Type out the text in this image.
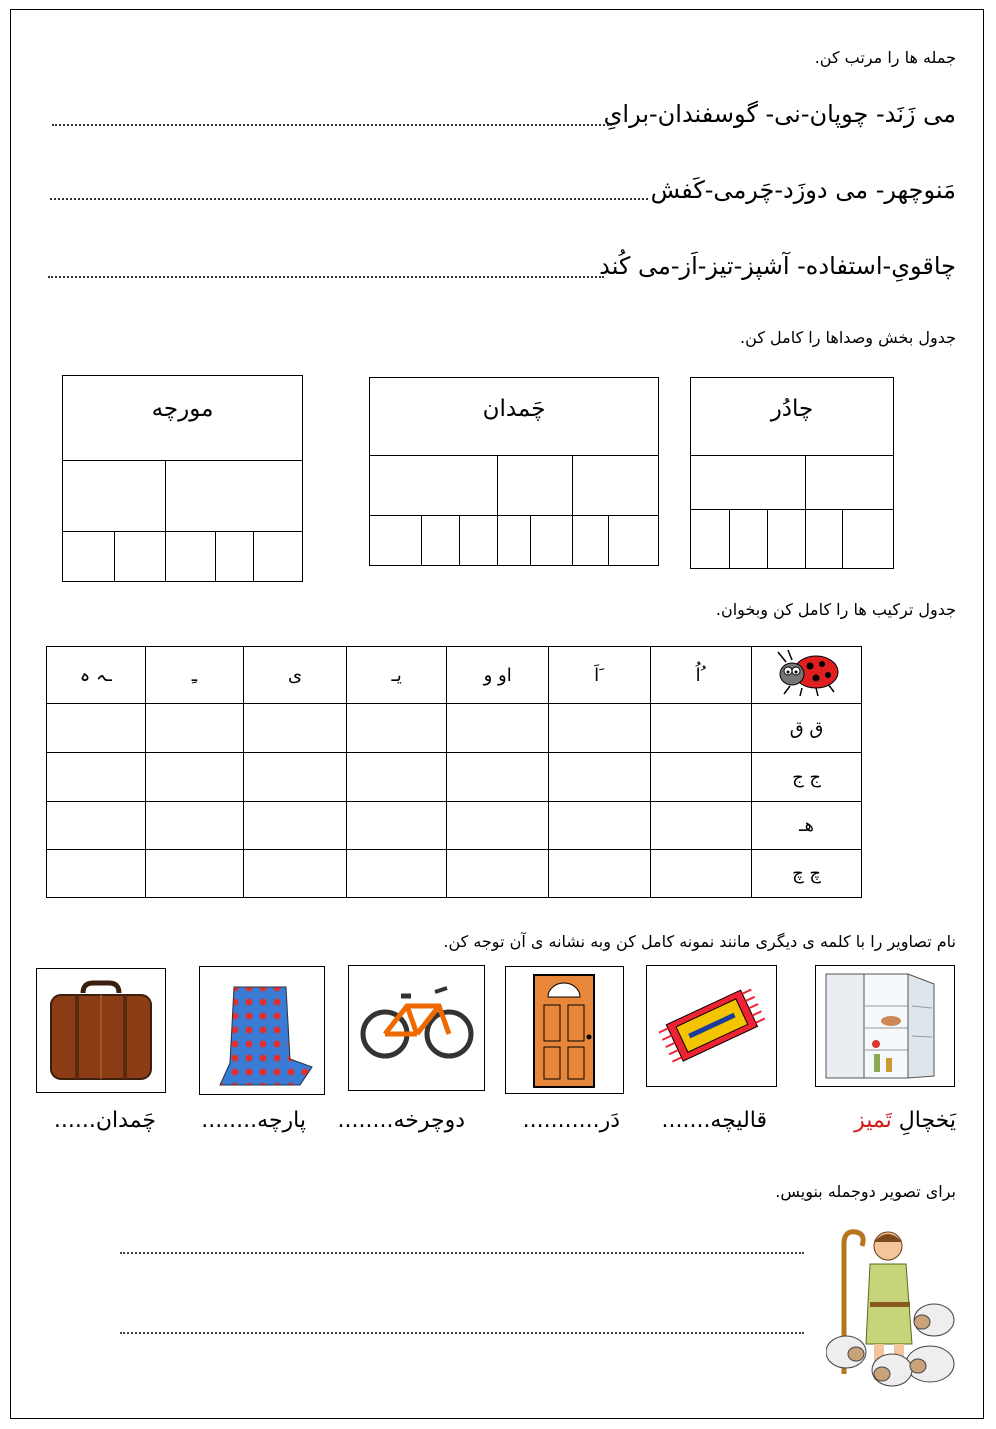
جمله ها را مرتب کن.
می زَنَد- چوپان-نی- گوسفندان-برایِ
مَنوچهر- می دوزَد-چَرمی-کَفش
چاقویِ-استفاده- آشپز-تیز-اَز-می کُند
جدول بخش وصداها را کامل کن.
چادُر
چَمدان
مورچه
جدول ترکیب ها را کامل کن وبخوان.
ـہ ہ	ـِ	ی	یـ	او و	اَ َ	اُ ُ	
							ق ق
							ج ج
							هـ
							چ چ
نام تصاویر را با کلمه ی دیگری مانند نمونه کامل کن وبه نشانه ی آن توجه کن.
یَخچالِ تَمیز
قالیچه.......
دَر...........
دوچرخه........
پارچه........
چَمدان......
برای تصویر دوجمله بنویس.
